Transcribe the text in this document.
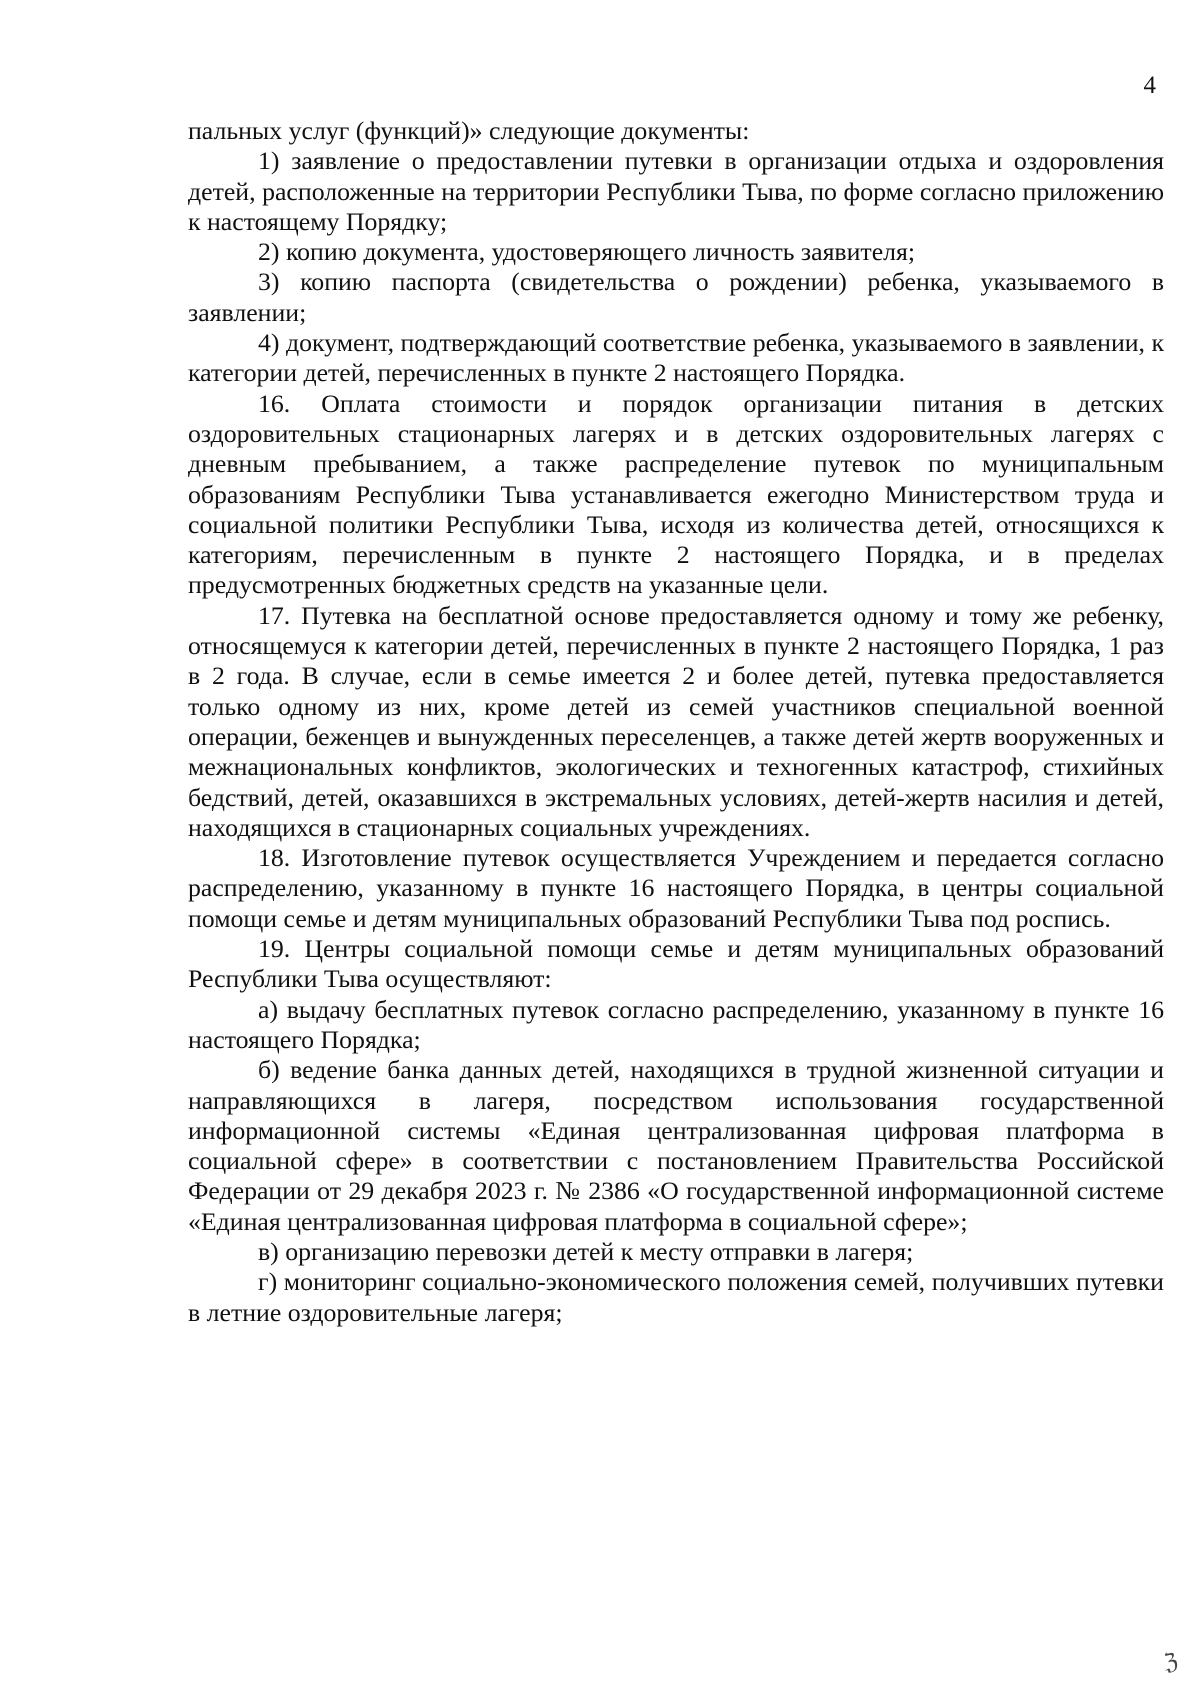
4

пальных услуг (функций)» следующие документы:

1) заявление о предоставлении путевки в организации отдыха и оздоровления детей, расположенные на территории Республики Тыва, по форме согласно приложению к настоящему Порядку;

2) копию документа, удостоверяющего личность заявителя;

3) копию паспорта (свидетельства о рождении) ребенка, указываемого в заявлении;

4) документ, подтверждающий соответствие ребенка, указываемого в заявлении, к категории детей, перечисленных в пункте 2 настоящего Порядка.

16. Оплата стоимости и порядок организации питания в детских оздоровительных стационарных лагерях и в детских оздоровительных лагерях с дневным пребыванием, а также распределение путевок по муниципальным образованиям Республики Тыва устанавливается ежегодно Министерством труда и социальной политики Республики Тыва, исходя из количества детей, относящихся к категориям, перечисленным в пункте 2 настоящего Порядка, и в пределах предусмотренных бюджетных средств на указанные цели.

17. Путевка на бесплатной основе предоставляется одному и тому же ребенку, относящемуся к категории детей, перечисленных в пункте 2 настоящего Порядка, 1 раз в 2 года. В случае, если в семье имеется 2 и более детей, путевка предоставляется только одному из них, кроме детей из семей участников специальной военной операции, беженцев и вынужденных переселенцев, а также детей жертв вооруженных и межнациональных конфликтов, экологических и техногенных катастроф, стихийных бедствий, детей, оказавшихся в экстремальных условиях, детей-жертв насилия и детей, находящихся в стационарных социальных учреждениях.

18. Изготовление путевок осуществляется Учреждением и передается согласно распределению, указанному в пункте 16 настоящего Порядка, в центры социальной помощи семье и детям муниципальных образований Республики Тыва под роспись.

19. Центры социальной помощи семье и детям муниципальных образований Республики Тыва осуществляют:

а) выдачу бесплатных путевок согласно распределению, указанному в пункте 16 настоящего Порядка;

б) ведение банка данных детей, находящихся в трудной жизненной ситуации и направляющихся в лагеря, посредством использования государственной информационной системы «Единая централизованная цифровая платформа в социальной сфере» в соответствии с постановлением Правительства Российской Федерации от 29 декабря 2023 г. № 2386 «О государственной информационной системе «Единая централизованная цифровая платформа в социальной сфере»;

в) организацию перевозки детей к месту отправки в лагеря;

г) мониторинг социально-экономического положения семей, получивших путевки в летние оздоровительные лагеря;

ℨ
